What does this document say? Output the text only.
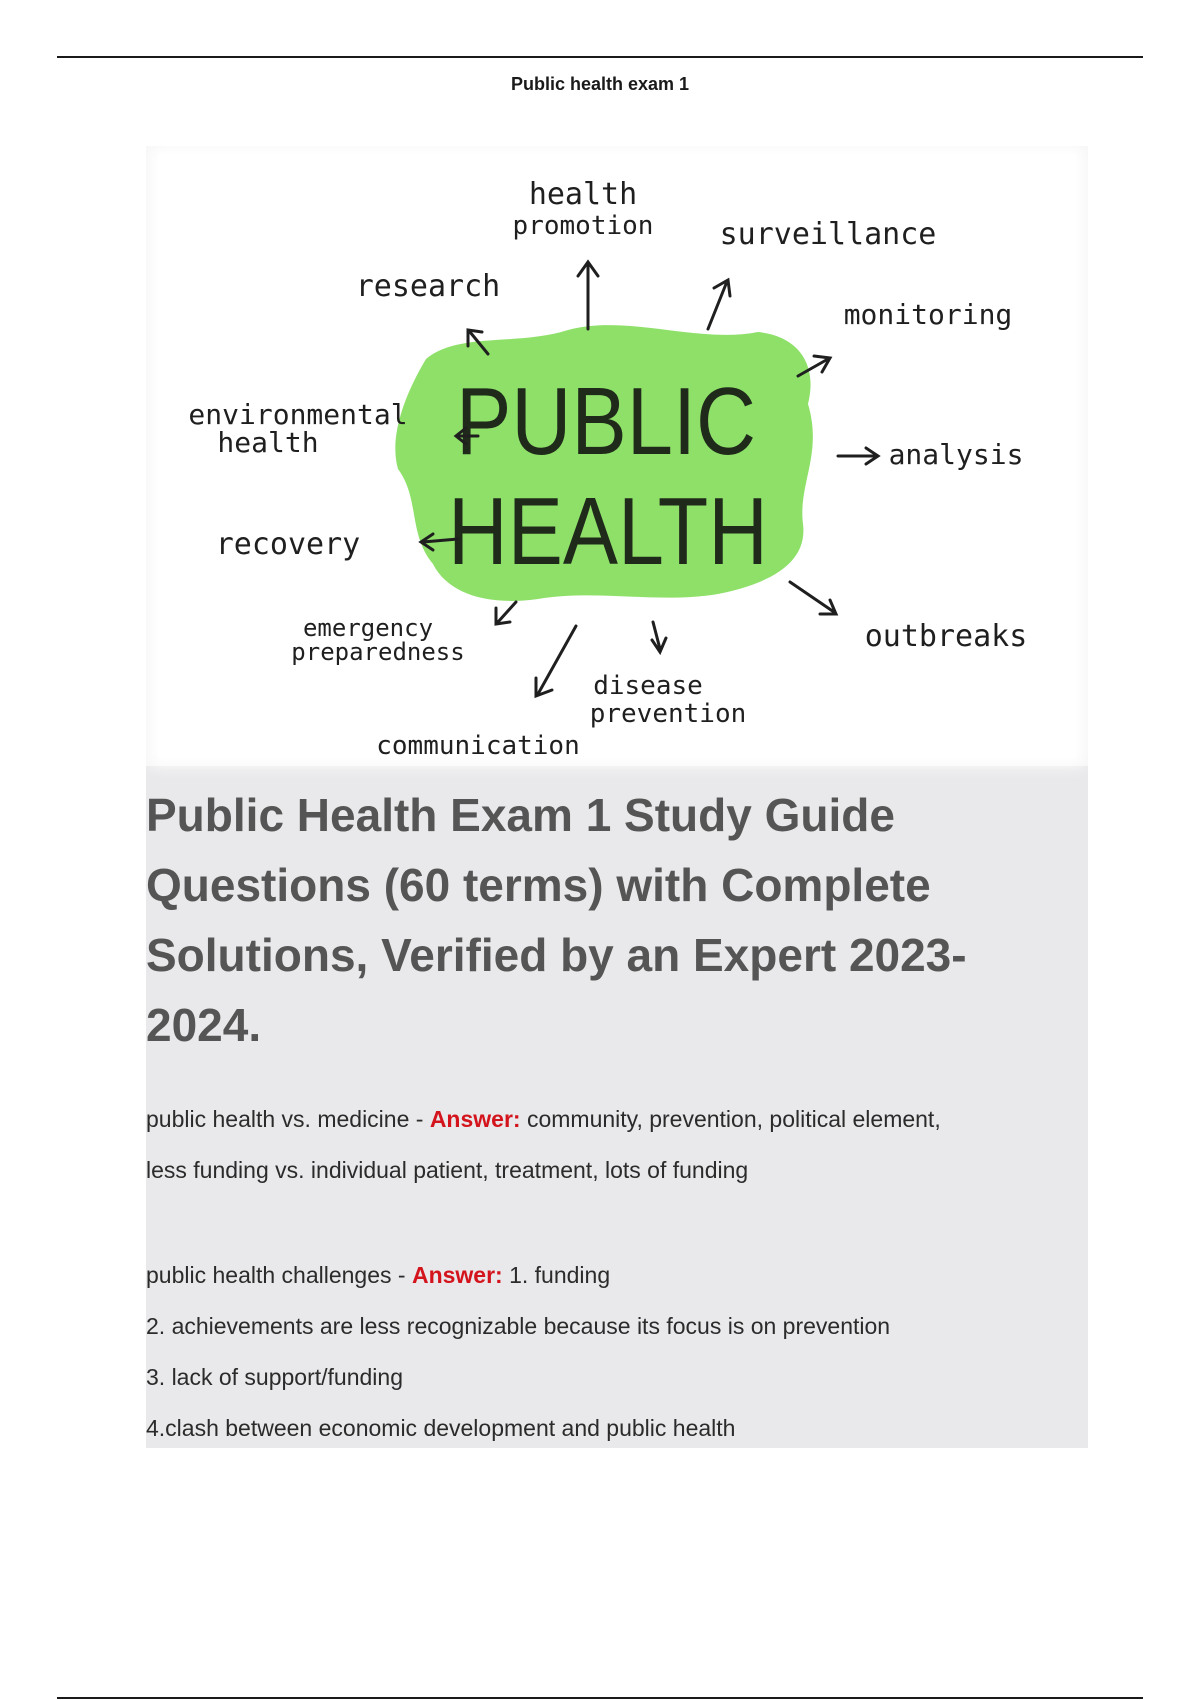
Public health exam 1
PUBLIC
HEALTH
health
promotion surveillance
research
monitoring
environmental
health	analysis
recovery
outbreaks
emergency
preparedness
disease
prevention
communication
Public Health Exam 1 Study Guide Questions (60 terms) with Complete Solutions, Verified by an Expert 2023-2024.

public health vs. medicine - Answer: community, prevention, political element,

less funding vs. individual patient, treatment, lots of funding

public health challenges - Answer: 1. funding

2. achievements are less recognizable because its focus is on prevention

3. lack of support/funding

4.clash between economic development and public health
